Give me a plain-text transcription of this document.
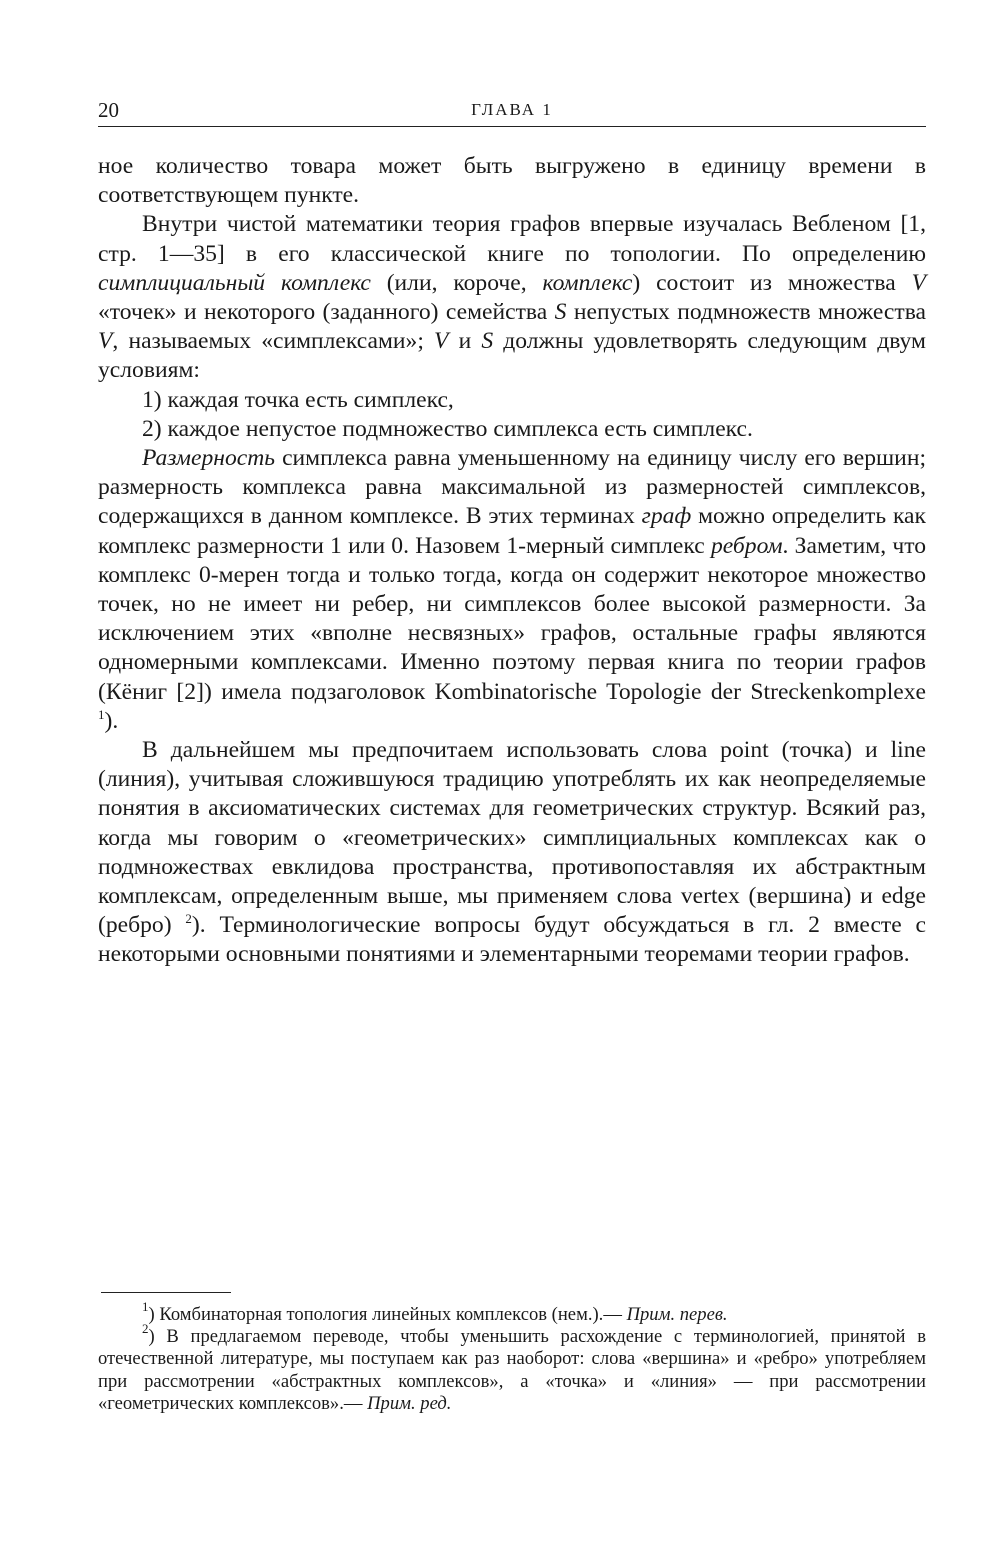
20	ГЛАВА 1

ное количество товара может быть выгружено в единицу времени в соответствующем пункте.

Внутри чистой математики теория графов впервые изучалась Вебленом [1, стр. 1—35] в его классической книге по топологии. По определению симплициальный комплекс (или, короче, комплекс) состоит из множества V «точек» и некоторого (заданного) семейства S непустых подмножеств множества V, называемых «симплексами»; V и S должны удовлетворять следующим двум условиям:

1) каждая точка есть симплекс,

2) каждое непустое подмножество симплекса есть симплекс.

Размерность симплекса равна уменьшенному на единицу числу его вершин; размерность комплекса равна максимальной из размерностей симплексов, содержащихся в данном комплексе. В этих терминах граф можно определить как комплекс размерности 1 или 0. Назовем 1-мерный симплекс ребром. Заметим, что комплекс 0-мерен тогда и только тогда, когда он содержит некоторое множество точек, но не имеет ни ребер, ни симплексов более высокой размерности. За исключением этих «вполне несвязных» графов, остальные графы являются одномерными комплексами. Именно поэтому первая книга по теории графов (Кёниг [2]) имела подзаголовок Kombinatorische Topologie der Streckenkomplexe $^1$).

В дальнейшем мы предпочитаем использовать слова point (точка) и line (линия), учитывая сложившуюся традицию употреблять их как неопределяемые понятия в аксиоматических системах для геометрических структур. Всякий раз, когда мы говорим о «геометрических» симплициальных комплексах как о подмножествах евклидова пространства, противопоставляя их абстрактным комплексам, определенным выше, мы применяем слова vertex (вершина) и edge (ребро) $^2$). Терминологические вопросы будут обсуждаться в гл. 2 вместе с некоторыми основными понятиями и элементарными теоремами теории графов.

$^1$) Комбинаторная топология линейных комплексов (нем.).— Прим. перев.

$^2$) В предлагаемом переводе, чтобы уменьшить расхождение с терминологией, принятой в отечественной литературе, мы поступаем как раз наоборот: слова «вершина» и «ребро» употребляем при рассмотрении «абстрактных комплексов», а «точка» и «линия» — при рассмотрении «геометрических комплексов».— Прим. ред.
